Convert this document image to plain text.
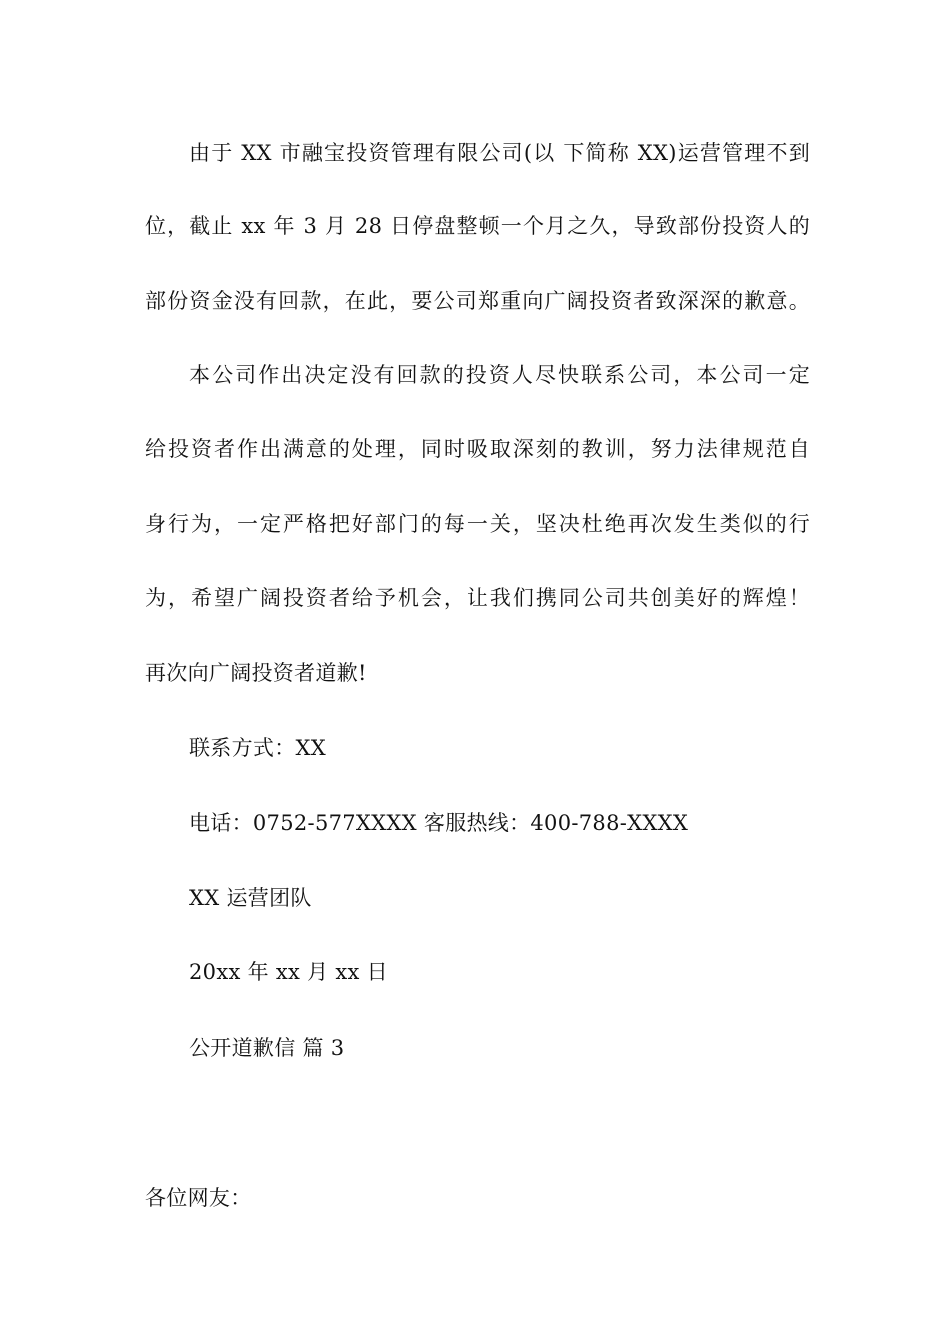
由于 XX 市融宝投资管理有限公司(以 下简称 XX)运营管理不到
位，截止 xx 年 3 月 28 日停盘整顿一个月之久，导致部份投资人的
部份资金没有回款，在此，要公司郑重向广阔投资者致深深的歉意。
本公司作出决定没有回款的投资人尽快联系公司，本公司一定
给投资者作出满意的处理，同时吸取深刻的教训，努力法律规范自
身行为，一定严格把好部门的每一关，坚决杜绝再次发生类似的行
为，希望广阔投资者给予机会，让我们携同公司共创美好的辉煌！
再次向广阔投资者道歉!
联系方式：XX
电话：0752-577XXXX 客服热线：400-788-XXXX
XX 运营团队
20xx 年 xx 月 xx 日
公开道歉信 篇 3
各位网友：
